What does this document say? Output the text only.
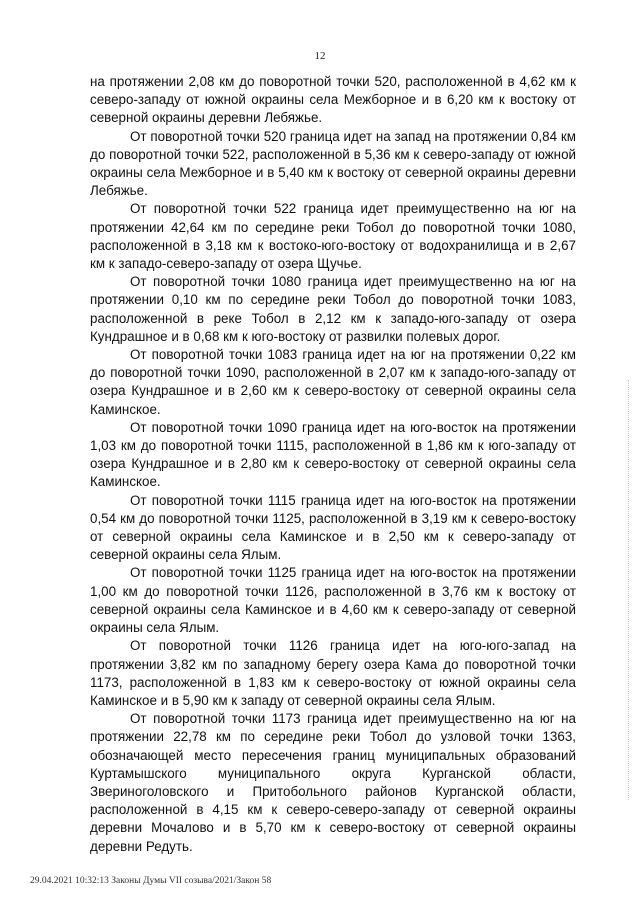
12

на протяжении 2,08 км до поворотной точки 520, расположенной в 4,62 км к северо-западу от южной окраины села Межборное и в 6,20 км к востоку от северной окраины деревни Лебяжье.

От поворотной точки 520 граница идет на запад на протяжении 0,84 км до поворотной точки 522, расположенной в 5,36 км к северо-западу от южной окраины села Межборное и в 5,40 км к востоку от северной окраины деревни Лебяжье.

От поворотной точки 522 граница идет преимущественно на юг на протяжении 42,64 км по середине реки Тобол до поворотной точки 1080, расположенной в 3,18 км к востоко-юго-востоку от водохранилища и в 2,67 км к западо-северо-западу от озера Щучье.

От поворотной точки 1080 граница идет преимущественно на юг на протяжении 0,10 км по середине реки Тобол до поворотной точки 1083, расположенной в реке Тобол в 2,12 км к западо-юго-западу от озера Кундрашное и в 0,68 км к юго-востоку от развилки полевых дорог.

От поворотной точки 1083 граница идет на юг на протяжении 0,22 км до поворотной точки 1090, расположенной в 2,07 км к западо-юго-западу от озера Кундрашное и в 2,60 км к северо-востоку от северной окраины села Каминское.

От поворотной точки 1090 граница идет на юго-восток на протяжении 1,03 км до поворотной точки 1115, расположенной в 1,86 км к юго-западу от озера Кундрашное и в 2,80 км к северо-востоку от северной окраины села Каминское.

От поворотной точки 1115 граница идет на юго-восток на протяжении 0,54 км до поворотной точки 1125, расположенной в 3,19 км к северо-востоку от северной окраины села Каминское и в 2,50 км к северо-западу от северной окраины села Ялым.

От поворотной точки 1125 граница идет на юго-восток на протяжении 1,00 км до поворотной точки 1126, расположенной в 3,76 км к востоку от северной окраины села Каминское и в 4,60 км к северо-западу от северной окраины села Ялым.

От поворотной точки 1126 граница идет на юго-юго-запад на протяжении 3,82 км по западному берегу озера Кама до поворотной точки 1173, расположенной в 1,83 км к северо-востоку от южной окраины села Каминское и в 5,90 км к западу от северной окраины села Ялым.

От поворотной точки 1173 граница идет преимущественно на юг на протяжении 22,78 км по середине реки Тобол до узловой точки 1363, обозначающей место пересечения границ муниципальных образований Куртамышского муниципального округа Курганской области, Звериноголовского и Притобольного районов Курганской области, расположенной в 4,15 км к северо-северо-западу от северной окраины деревни Мочалово и в 5,70 км к северо-востоку от северной окраины деревни Редуть.

29.04.2021 10:32:13 Законы Думы VII созыва/2021/Закон 58
